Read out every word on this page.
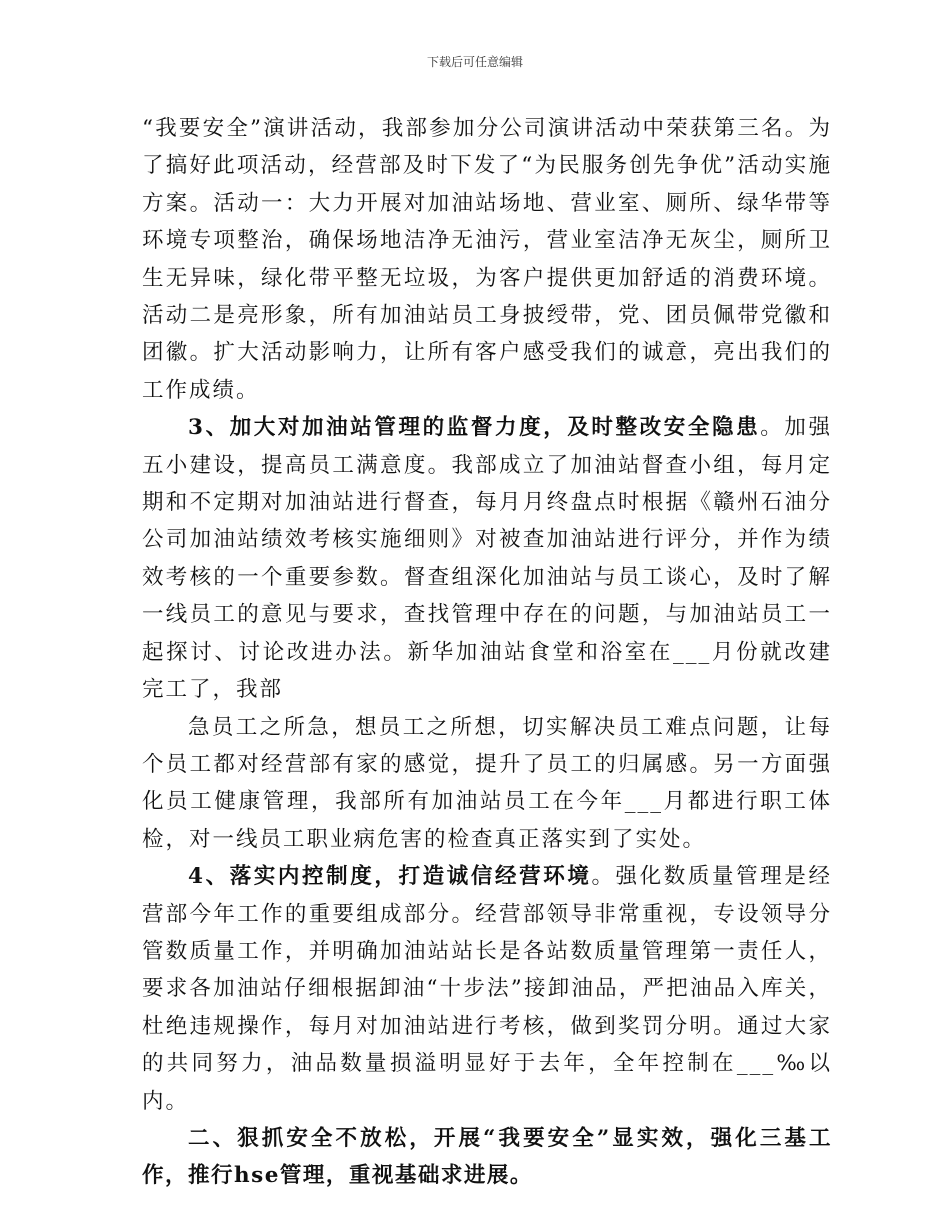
下载后可任意编辑

“我要安全”演讲活动，我部参加分公司演讲活动中荣获第三名。为了搞好此项活动，经营部及时下发了“为民服务创先争优”活动实施方案。活动一：大力开展对加油站场地、营业室、厕所、绿华带等环境专项整治，确保场地洁净无油污，营业室洁净无灰尘，厕所卫生无异味，绿化带平整无垃圾，为客户提供更加舒适的消费环境。活动二是亮形象，所有加油站员工身披绶带，党、团员佩带党徽和团徽。扩大活动影响力，让所有客户感受我们的诚意，亮出我们的工作成绩。

3、加大对加油站管理的监督力度，及时整改安全隐患。加强五小建设，提高员工满意度。我部成立了加油站督查小组，每月定期和不定期对加油站进行督查，每月月终盘点时根据《赣州石油分公司加油站绩效考核实施细则》对被查加油站进行评分，并作为绩效考核的一个重要参数。督查组深化加油站与员工谈心，及时了解一线员工的意见与要求，查找管理中存在的问题，与加油站员工一起探讨、讨论改进办法。新华加油站食堂和浴室在___月份就改建完工了，我部

急员工之所急，想员工之所想，切实解决员工难点问题，让每个员工都对经营部有家的感觉，提升了员工的归属感。另一方面强化员工健康管理，我部所有加油站员工在今年___月都进行职工体检，对一线员工职业病危害的检查真正落实到了实处。

4、落实内控制度，打造诚信经营环境。强化数质量管理是经营部今年工作的重要组成部分。经营部领导非常重视，专设领导分管数质量工作，并明确加油站站长是各站数质量管理第一责任人，要求各加油站仔细根据卸油“十步法”接卸油品，严把油品入库关，杜绝违规操作，每月对加油站进行考核，做到奖罚分明。通过大家的共同努力，油品数量损溢明显好于去年，全年控制在___‰以内。

二、狠抓安全不放松，开展“我要安全”显实效，强化三基工作，推行hse管理，重视基础求进展。
